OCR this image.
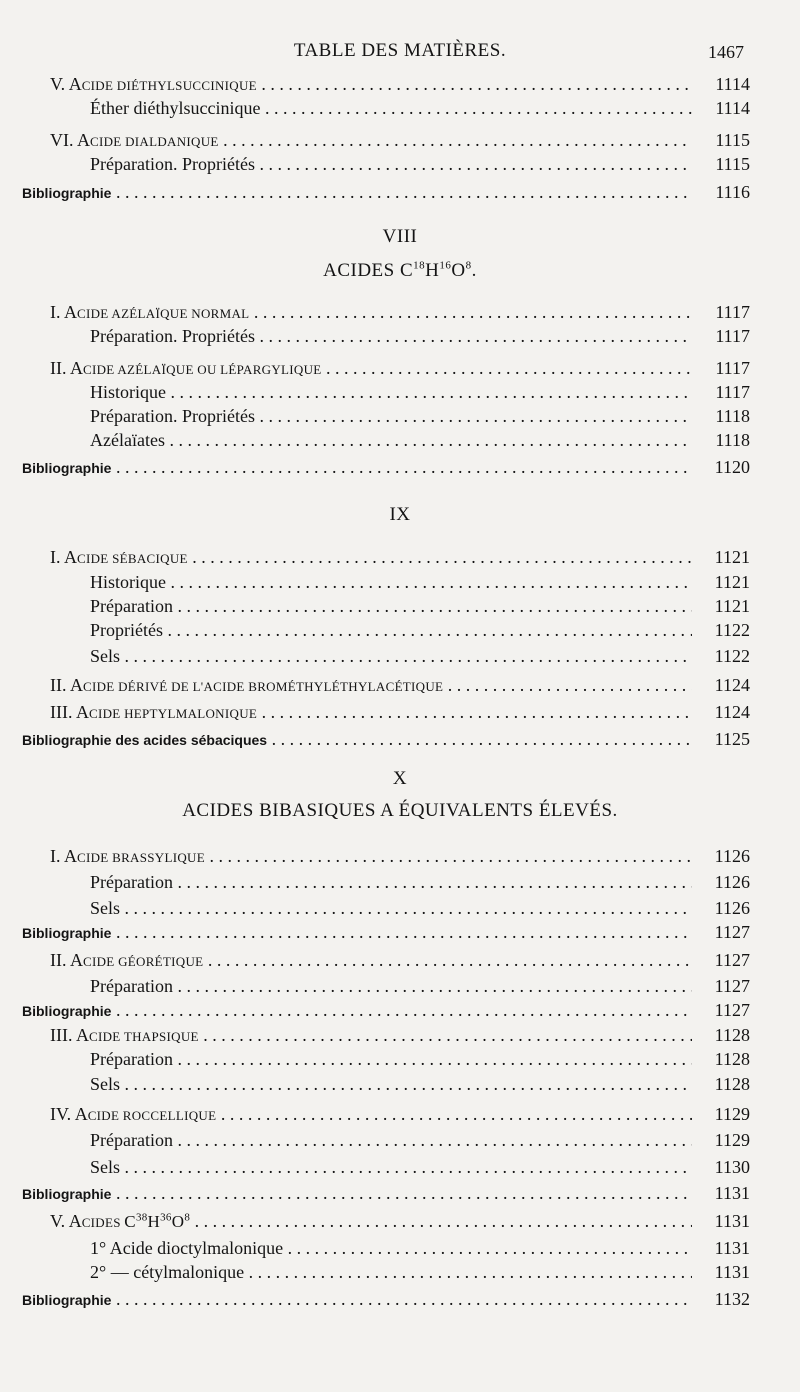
TABLE DES MATIÈRES.	1467
V. ACIDE DIÉTHYLSUCCINIQUE . . .	1114
Éther diéthylsuccinique . . .	1114
VI. ACIDE DIALDANIQUE . . .	1115
Préparation. Propriétés . . .	1115
Bibliographie . . .	1116
VIII
ACIDES $C^{18}H^{16}O^8$.
I. ACIDE AZÉLAÏQUE NORMAL . . .	1117
Préparation. Propriétés . . .	1117
II. ACIDE AZÉLAÏQUE OU LÉPARGYLIQUE . . .	1117
Historique . . .	1117
Préparation. Propriétés . . .	1118
Azélaïates . . .	1118
Bibliographie . . .	1120
IX
I. ACIDE SÉBACIQUE . . .	1121
Historique . . .	1121
Préparation . . .	1121
Propriétés . . .	1122
Sels . . .	1122
II. ACIDE DÉRIVÉ DE L'ACIDE BROMÉTHYLÉTHYLACÉTIQUE . . .	1124
III. ACIDE HEPTYLMALONIQUE . . .	1124
Bibliographie des acides sébaciques . . .	1125
X
ACIDES BIBASIQUES A ÉQUIVALENTS ÉLEVÉS.
I. ACIDE BRASSYLIQUE . . .	1126
Préparation . . .	1126
Sels . . .	1126
Bibliographie . . .	1127
II. ACIDE GÉORÉTIQUE . . .	1127
Préparation . . .	1127
Bibliographie . . .	1127
III. ACIDE THAPSIQUE . . .	1128
Préparation . . .	1128
Sels . . .	1128
IV. ACIDE ROCCELLIQUE . . .	1129
Préparation . . .	1129
Sels . . .	1130
Bibliographie . . .	1131
V. ACIDES $C^{38}H^{36}O^8$ . . .	1131
1° Acide dioctylmalonique . . .	1131
2° — cétylmalonique . . .	1131
Bibliographie . . .	1132
